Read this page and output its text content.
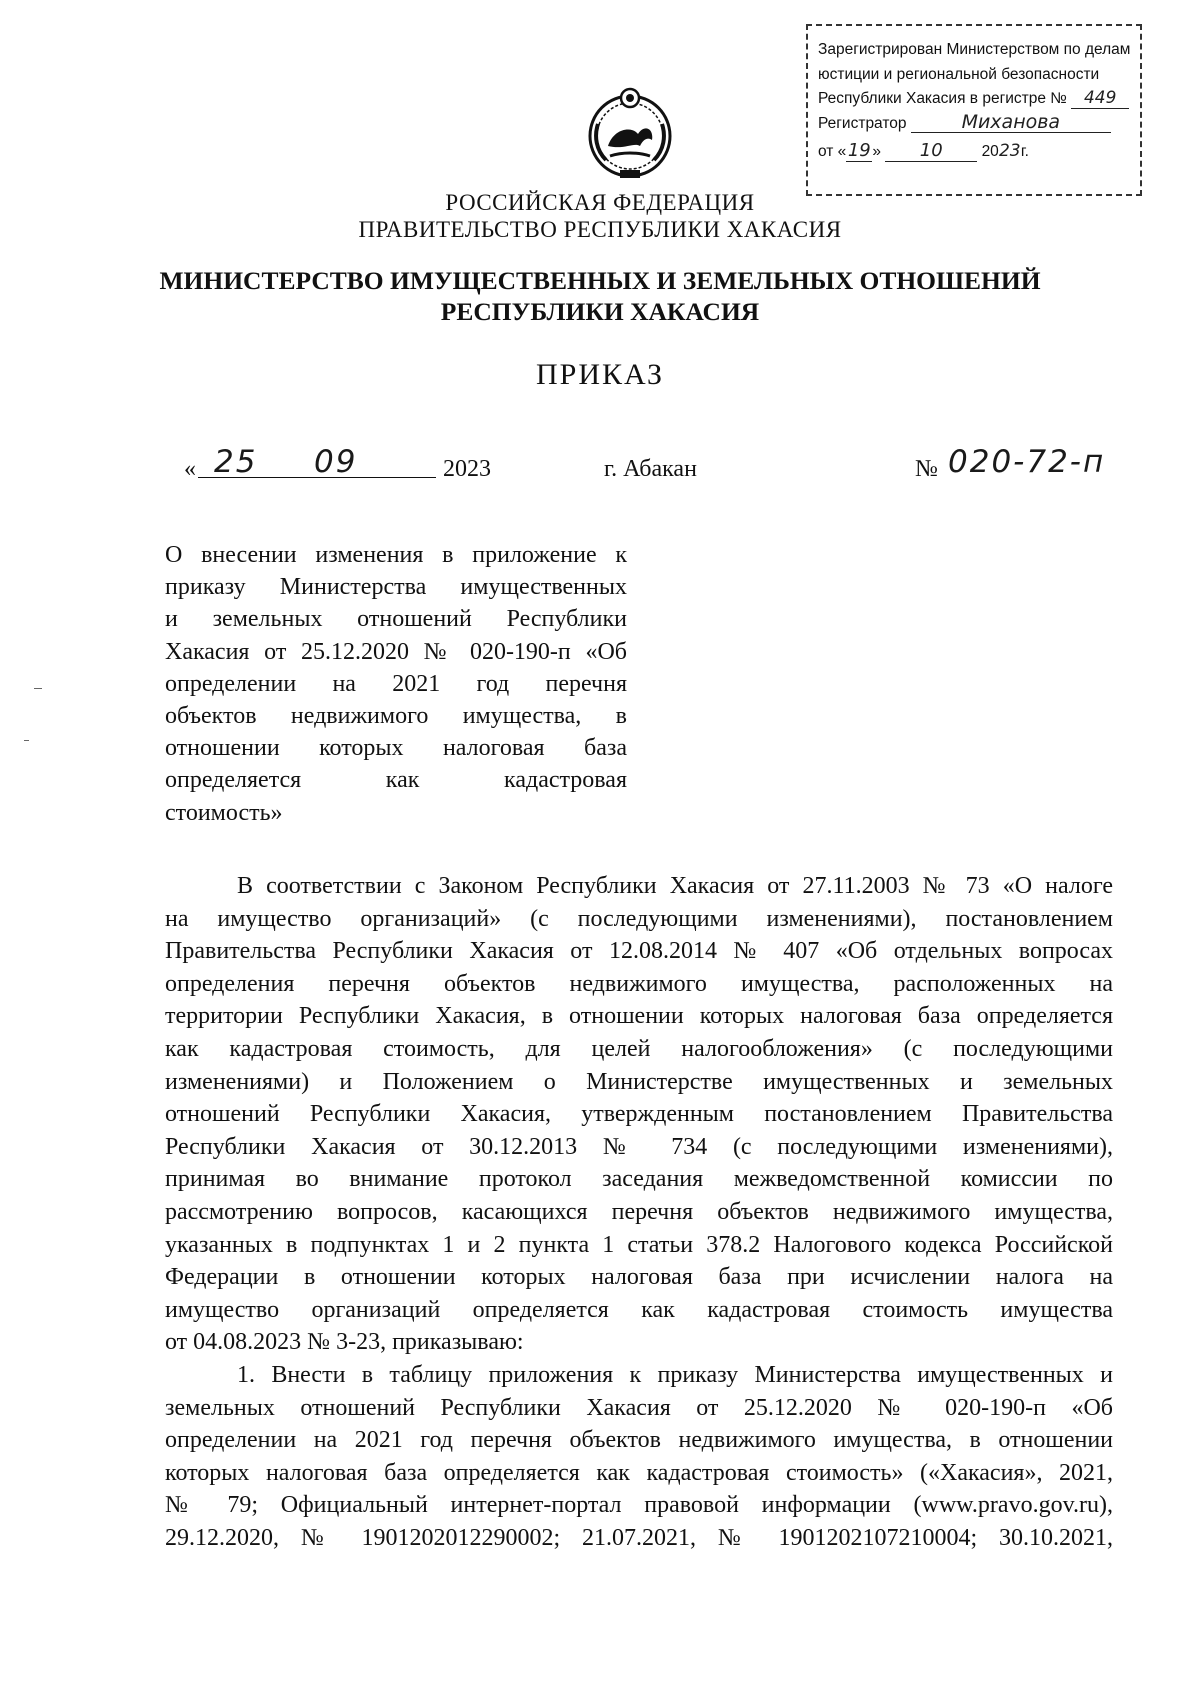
Зарегистрирован Министерством по делам
юстиции и региональной безопасности
Республики Хакасия в регистре № 449
Регистратор	Миханова
от «19» 10	2023г.
РОССИЙСКАЯ ФЕДЕРАЦИЯ
ПРАВИТЕЛЬСТВО РЕСПУБЛИКИ ХАКАСИЯ
МИНИСТЕРСТВО ИМУЩЕСТВЕННЫХ И ЗЕМЕЛЬНЫХ ОТНОШЕНИЙ
РЕСПУБЛИКИ ХАКАСИЯ
ПРИКАЗ
« 25 09	2023	г. Абакан	№ 020-72-п
О внесении изменения в приложение к
приказу Министерства имущественных
и земельных отношений Республики
Хакасия от 25.12.2020 № 020-190-п «Об
определении на 2021 год перечня
объектов недвижимого имущества, в
отношении которых налоговая база
определяется как кадастровая
стоимость»
В соответствии с Законом Республики Хакасия от 27.11.2003 № 73 «О налоге
на имущество организаций» (с последующими изменениями), постановлением
Правительства Республики Хакасия от 12.08.2014 № 407 «Об отдельных вопросах
определения перечня объектов недвижимого имущества, расположенных на
территории Республики Хакасия, в отношении которых налоговая база определяется
как кадастровая стоимость, для целей налогообложения» (с последующими
изменениями) и Положением о Министерстве имущественных и земельных
отношений Республики Хакасия, утвержденным постановлением Правительства
Республики Хакасия от 30.12.2013 № 734 (с последующими изменениями),
принимая во внимание протокол заседания межведомственной комиссии по
рассмотрению вопросов, касающихся перечня объектов недвижимого имущества,
указанных в подпунктах 1 и 2 пункта 1 статьи 378.2 Налогового кодекса Российской
Федерации в отношении которых налоговая база при исчислении налога на
имущество организаций определяется как кадастровая стоимость имущества
от 04.08.2023 № 3-23, приказываю:
1. Внести в таблицу приложения к приказу Министерства имущественных и
земельных отношений Республики Хакасия от 25.12.2020 № 020-190-п «Об
определении на 2021 год перечня объектов недвижимого имущества, в отношении
которых налоговая база определяется как кадастровая стоимость» («Хакасия», 2021,
№ 79; Официальный интернет-портал правовой информации (www.pravo.gov.ru),
29.12.2020, № 1901202012290002; 21.07.2021, № 1901202107210004; 30.10.2021,
